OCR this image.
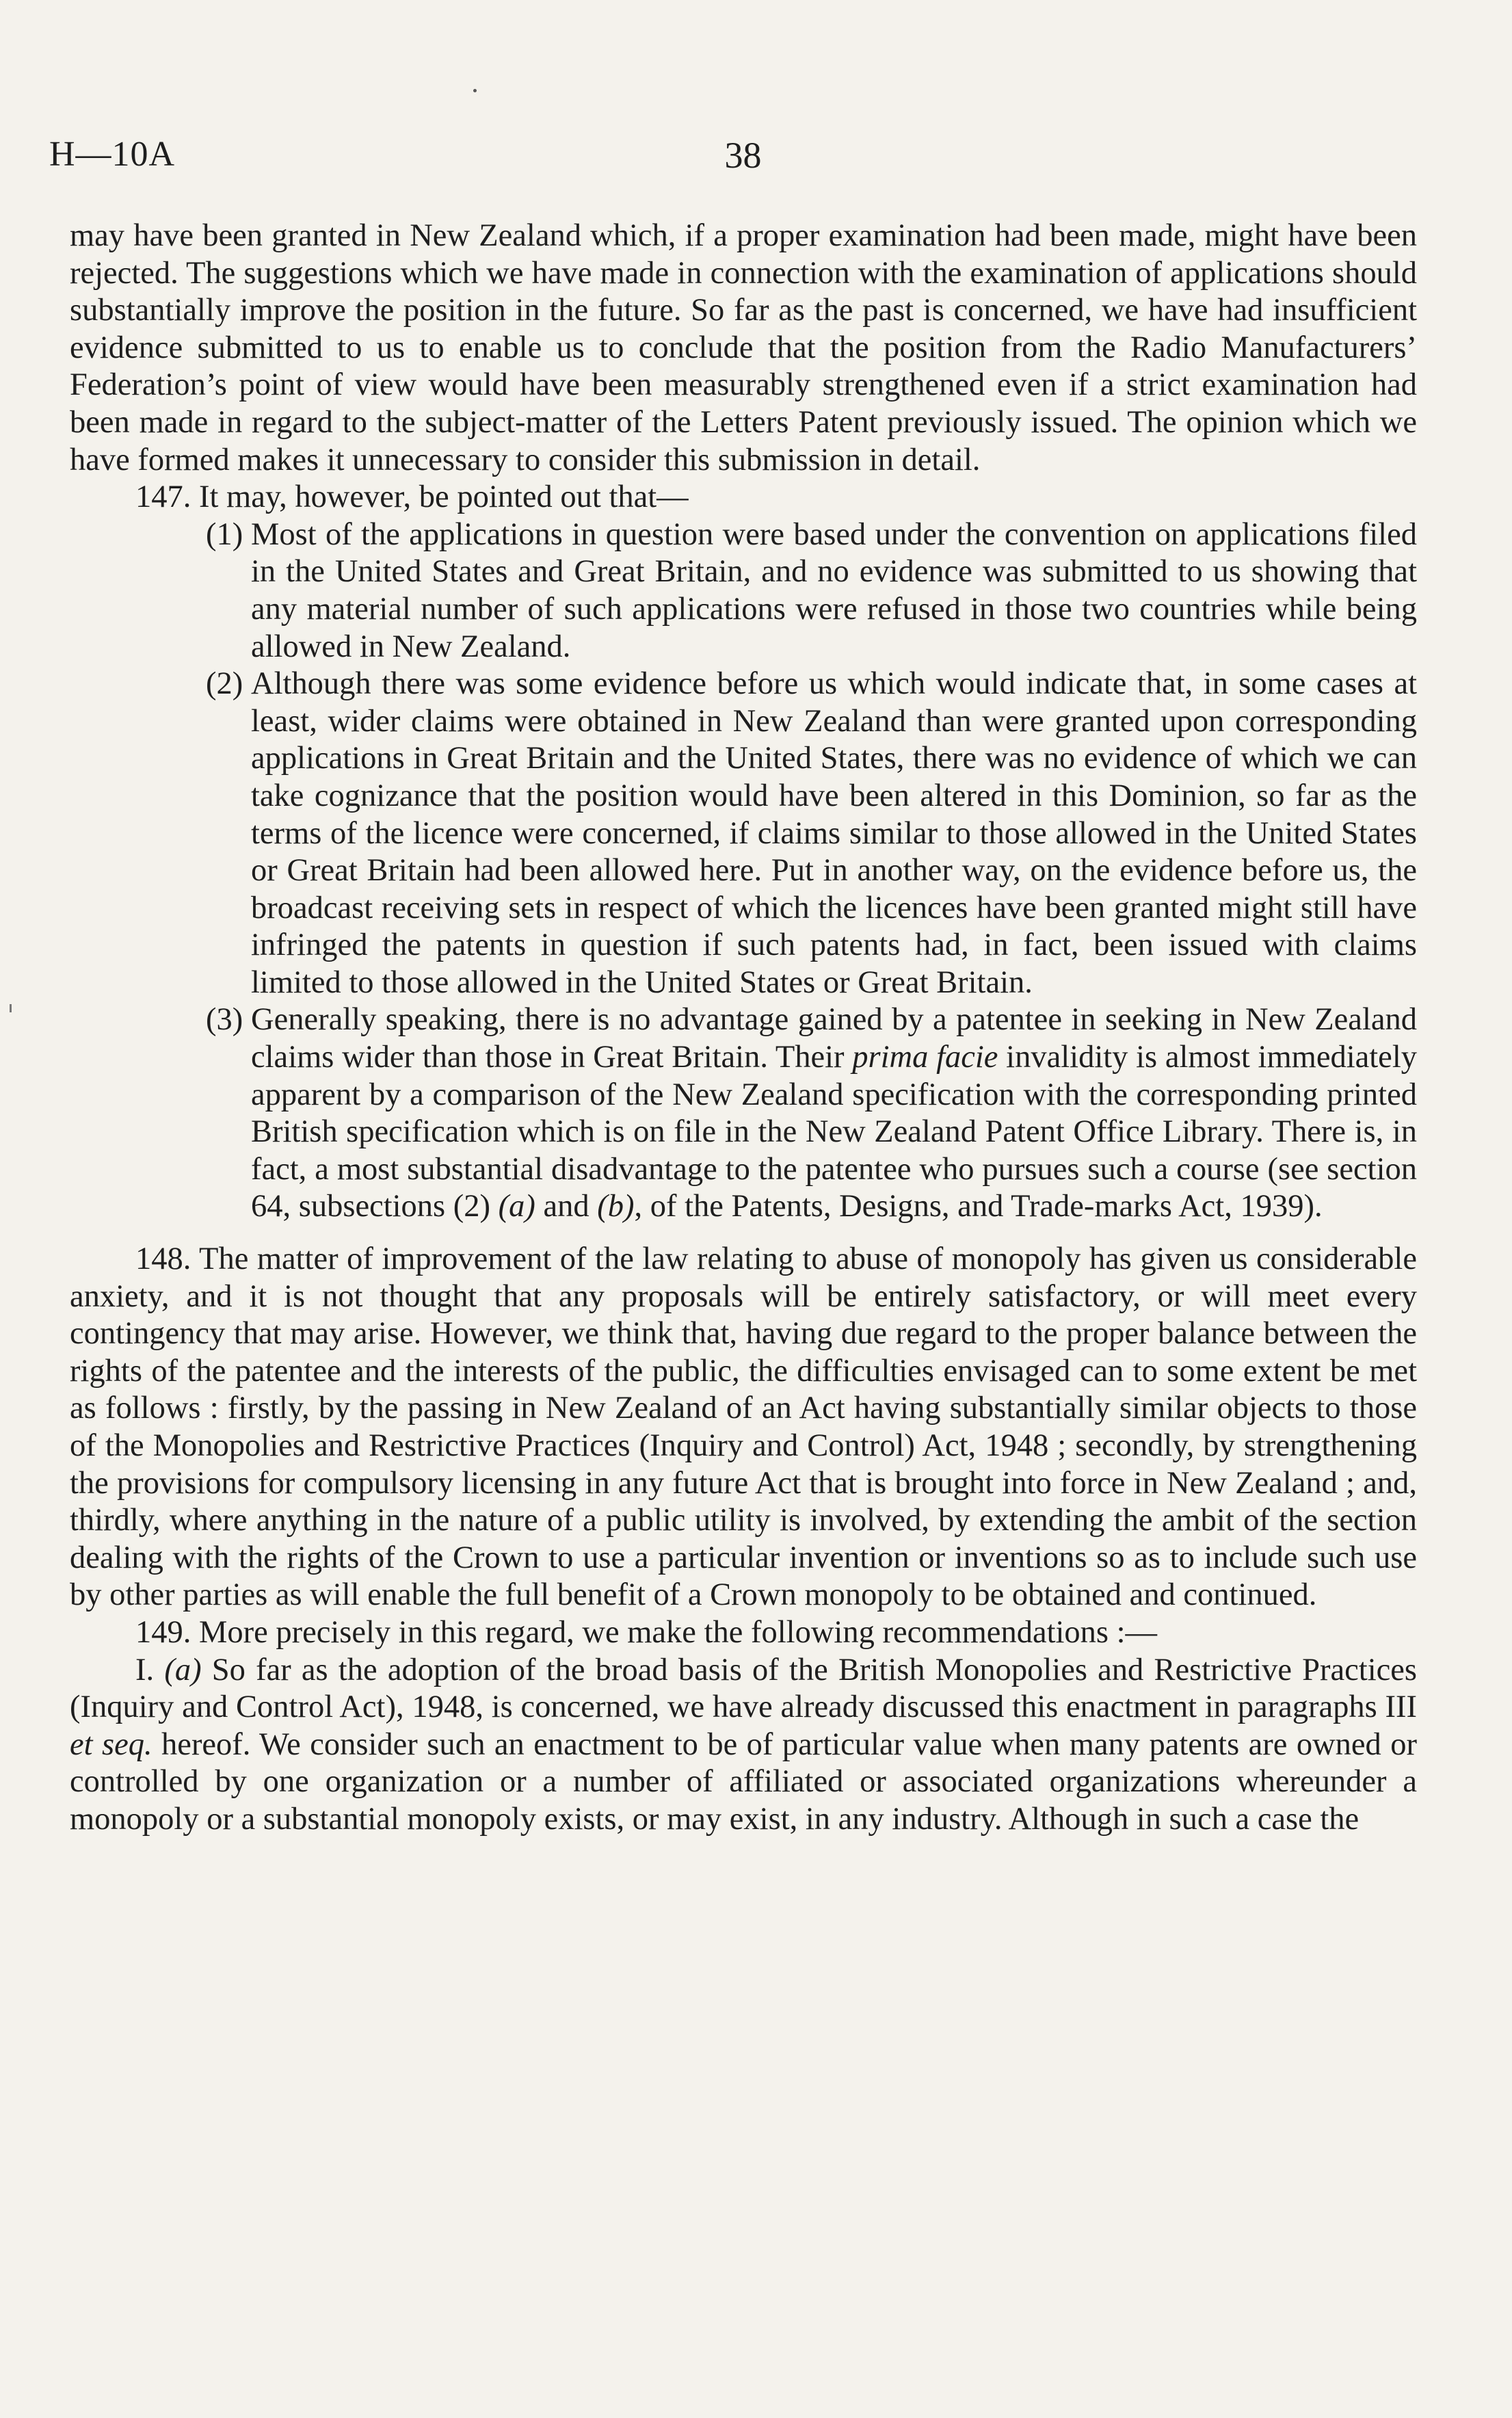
H—10A	38

may have been granted in New Zealand which, if a proper examination had been made, might have been rejected. The suggestions which we have made in connection with the examination of applications should substantially improve the position in the future. So far as the past is concerned, we have had insufficient evidence submitted to us to enable us to conclude that the position from the Radio Manufacturers’ Federation’s point of view would have been measurably strengthened even if a strict examination had been made in regard to the subject-matter of the Letters Patent previously issued. The opinion which we have formed makes it unnecessary to consider this submission in detail.

147. It may, however, be pointed out that—

(1) Most of the applications in question were based under the convention on applications filed in the United States and Great Britain, and no evidence was submitted to us showing that any material number of such applications were refused in those two countries while being allowed in New Zealand.
(2) Although there was some evidence before us which would indicate that, in some cases at least, wider claims were obtained in New Zealand than were granted upon corresponding applications in Great Britain and the United States, there was no evidence of which we can take cognizance that the position would have been altered in this Dominion, so far as the terms of the licence were concerned, if claims similar to those allowed in the United States or Great Britain had been allowed here. Put in another way, on the evidence before us, the broadcast receiving sets in respect of which the licences have been granted might still have infringed the patents in question if such patents had, in fact, been issued with claims limited to those allowed in the United States or Great Britain.
(3) Generally speaking, there is no advantage gained by a patentee in seeking in New Zealand claims wider than those in Great Britain. Their prima facie invalidity is almost immediately apparent by a comparison of the New Zealand specification with the corresponding printed British specification which is on file in the New Zealand Patent Office Library. There is, in fact, a most substantial disadvantage to the patentee who pursues such a course (see section 64, subsections (2) (a) and (b), of the Patents, Designs, and Trade-marks Act, 1939).

148. The matter of improvement of the law relating to abuse of monopoly has given us considerable anxiety, and it is not thought that any proposals will be entirely satisfactory, or will meet every contingency that may arise. However, we think that, having due regard to the proper balance between the rights of the patentee and the interests of the public, the difficulties envisaged can to some extent be met as follows : firstly, by the passing in New Zealand of an Act having substantially similar objects to those of the Monopolies and Restrictive Practices (Inquiry and Control) Act, 1948 ; secondly, by strengthening the provisions for compulsory licensing in any future Act that is brought into force in New Zealand ; and, thirdly, where anything in the nature of a public utility is involved, by extending the ambit of the section dealing with the rights of the Crown to use a particular invention or inventions so as to include such use by other parties as will enable the full benefit of a Crown monopoly to be obtained and continued.

149. More precisely in this regard, we make the following recommendations :—

I. (a) So far as the adoption of the broad basis of the British Monopolies and Restrictive Practices (Inquiry and Control Act), 1948, is concerned, we have already discussed this enactment in paragraphs III et seq. hereof. We consider such an enactment to be of particular value when many patents are owned or controlled by one organization or a number of affiliated or associated organizations whereunder a monopoly or a substantial monopoly exists, or may exist, in any industry. Although in such a case the
